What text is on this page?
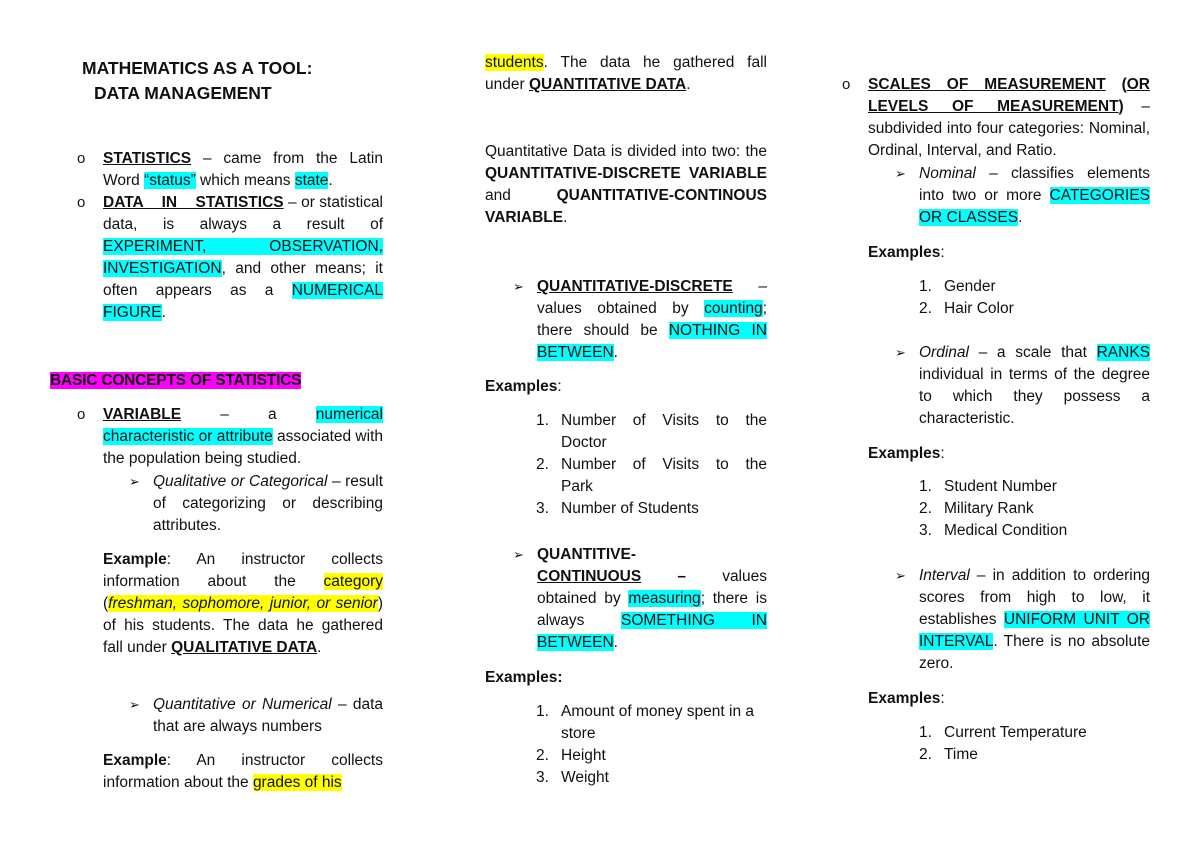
MATHEMATICS AS A TOOL:
DATA MANAGEMENT

o STATISTICS – came from the Latin Word “status” which means state.

o DATA IN STATISTICS – or statistical data, is always a result of EXPERIMENT, OBSERVATION, INVESTIGATION, and other means; it often appears as a NUMERICAL FIGURE.

BASIC CONCEPTS OF STATISTICS

o VARIABLE – a numerical characteristic or attribute associated with the population being studied.

➢ Qualitative or Categorical – result of categorizing or describing attributes.

Example: An instructor collects information about the category (freshman, sophomore, junior, or senior) of his students. The data he gathered fall under QUALITATIVE DATA.

➢ Quantitative or Numerical – data that are always numbers

Example: An instructor collects information about the grades of his

students. The data he gathered fall under QUANTITATIVE DATA.

Quantitative Data is divided into two: the QUANTITATIVE-DISCRETE VARIABLE and QUANTITATIVE-CONTINOUS VARIABLE.

➢ QUANTITATIVE-DISCRETE – values obtained by counting; there should be NOTHING IN BETWEEN.

Examples:
1. Number of Visits to the Doctor
2. Number of Visits to the Park
3. Number of Students

➢ QUANTITIVE-
CONTINUOUS – values obtained by measuring; there is always SOMETHING IN BETWEEN.

Examples:
1. Amount of money spent in a store
2. Height
3. Weight

o SCALES OF MEASUREMENT (OR LEVELS OF MEASUREMENT) – subdivided into four categories: Nominal, Ordinal, Interval, and Ratio.

➢ Nominal – classifies elements into two or more CATEGORIES OR CLASSES.

Examples:
1. Gender
2. Hair Color

➢ Ordinal – a scale that RANKS individual in terms of the degree to which they possess a characteristic.

Examples:
1. Student Number
2. Military Rank
3. Medical Condition

➢ Interval – in addition to ordering scores from high to low, it establishes UNIFORM UNIT OR INTERVAL. There is no absolute zero.

Examples:
1. Current Temperature
2. Time
